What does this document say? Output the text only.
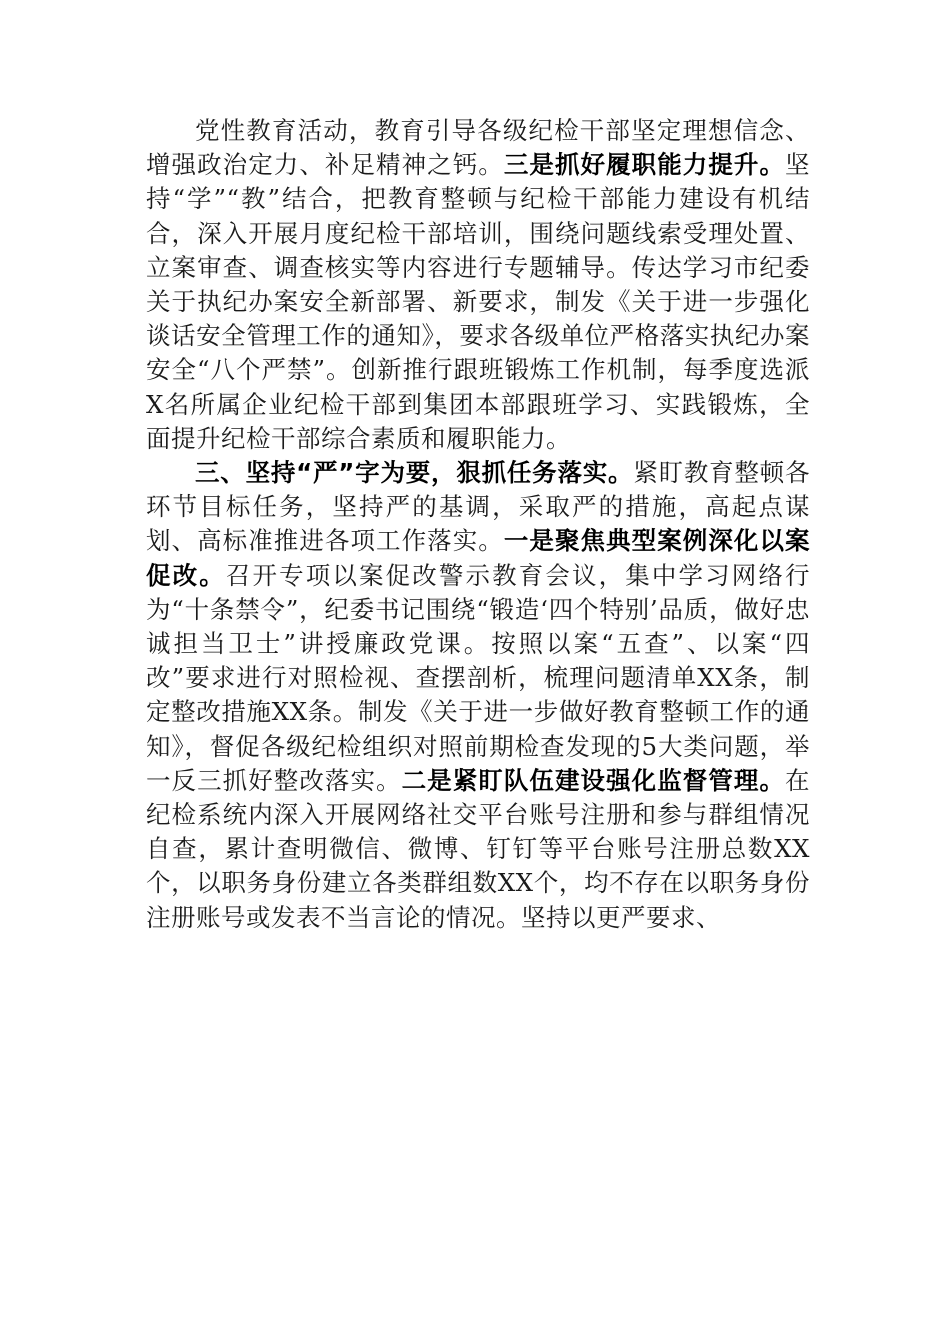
党性教育活动，教育引导各级纪检干部坚定理想信念、增强政治定力、补足精神之钙。三是抓好履职能力提升。坚持“学”“教”结合，把教育整顿与纪检干部能力建设有机结合，深入开展月度纪检干部培训，围绕问题线索受理处置、立案审查、调查核实等内容进行专题辅导。传达学习市纪委关于执纪办案安全新部署、新要求，制发《关于进一步强化谈话安全管理工作的通知》，要求各级单位严格落实执纪办案安全“八个严禁”。创新推行跟班锻炼工作机制，每季度选派X名所属企业纪检干部到集团本部跟班学习、实践锻炼，全面提升纪检干部综合素质和履职能力。

三、坚持“严”字为要，狠抓任务落实。紧盯教育整顿各环节目标任务，坚持严的基调，采取严的措施，高起点谋划、高标准推进各项工作落实。一是聚焦典型案例深化以案促改。召开专项以案促改警示教育会议，集中学习网络行为“十条禁令”，纪委书记围绕“锻造‘四个特别’品质，做好忠诚担当卫士”讲授廉政党课。按照以案“五查”、以案“四改”要求进行对照检视、查摆剖析，梳理问题清单XX条，制定整改措施XX条。制发《关于进一步做好教育整顿工作的通知》，督促各级纪检组织对照前期检查发现的5大类问题，举一反三抓好整改落实。二是紧盯队伍建设强化监督管理。在纪检系统内深入开展网络社交平台账号注册和参与群组情况自查，累计查明微信、微博、钉钉等平台账号注册总数XX个，以职务身份建立各类群组数XX个，均不存在以职务身份注册账号或发表不当言论的情况。坚持以更严要求、
